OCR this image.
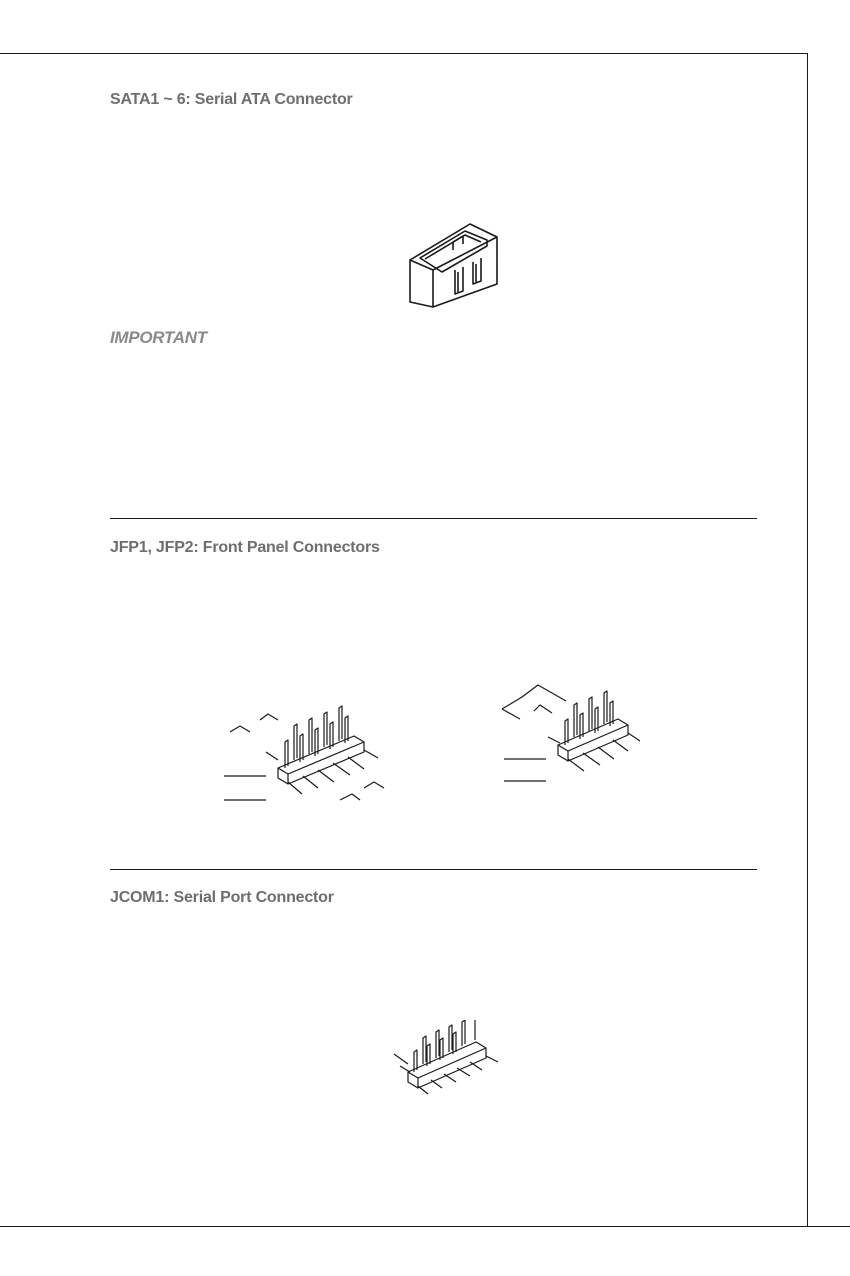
SATA1 ~ 6: Serial ATA Connector
IMPORTANT
JFP1, JFP2: Front Panel Connectors
JCOM1: Serial Port Connector
